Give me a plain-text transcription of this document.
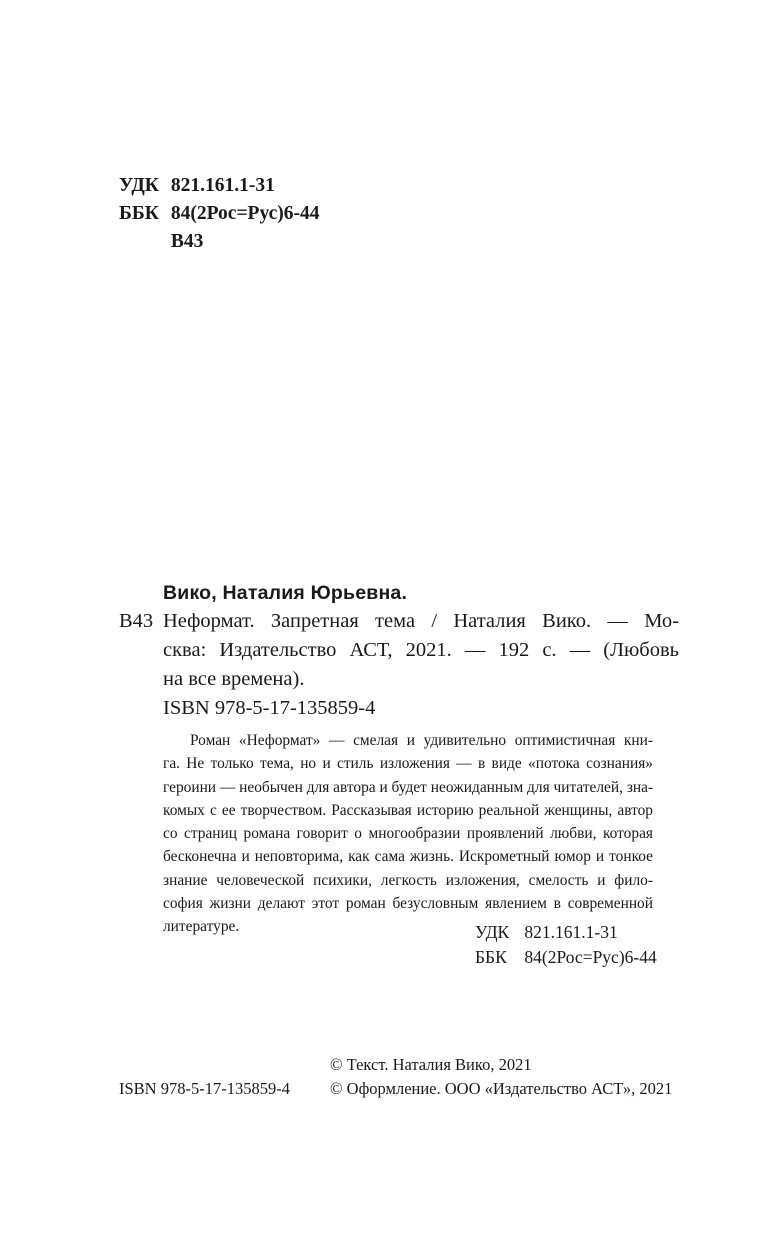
УДК 821.161.1-31
ББК 84(2Рос=Рус)6-44
В43
Вико, Наталия Юрьевна.
В43 Неформат. Запретная тема / Наталия Вико. — Мо-
сква: Издательство АСТ, 2021. — 192 с. — (Любовь
на все времена).
ISBN 978-5-17-135859-4
Роман «Неформат» — смелая и удивительно оптимистичная кни-
га. Не только тема, но и стиль изложения — в виде «потока сознания»
героини — необычен для автора и будет неожиданным для читателей, зна-
комых с ее творчеством. Рассказывая историю реальной женщины, автор
со страниц романа говорит о многообразии проявлений любви, которая
бесконечна и неповторима, как сама жизнь. Искрометный юмор и тонкое
знание человеческой психики, легкость изложения, смелость и фило-
софия жизни делают этот роман безусловным явлением в современной
литературе.	УДК 821.161.1-31
ББК 84(2Рос=Рус)6-44
© Текст. Наталия Вико, 2021
ISBN 978-5-17-135859-4 © Оформление. ООО «Издательство АСТ», 2021
